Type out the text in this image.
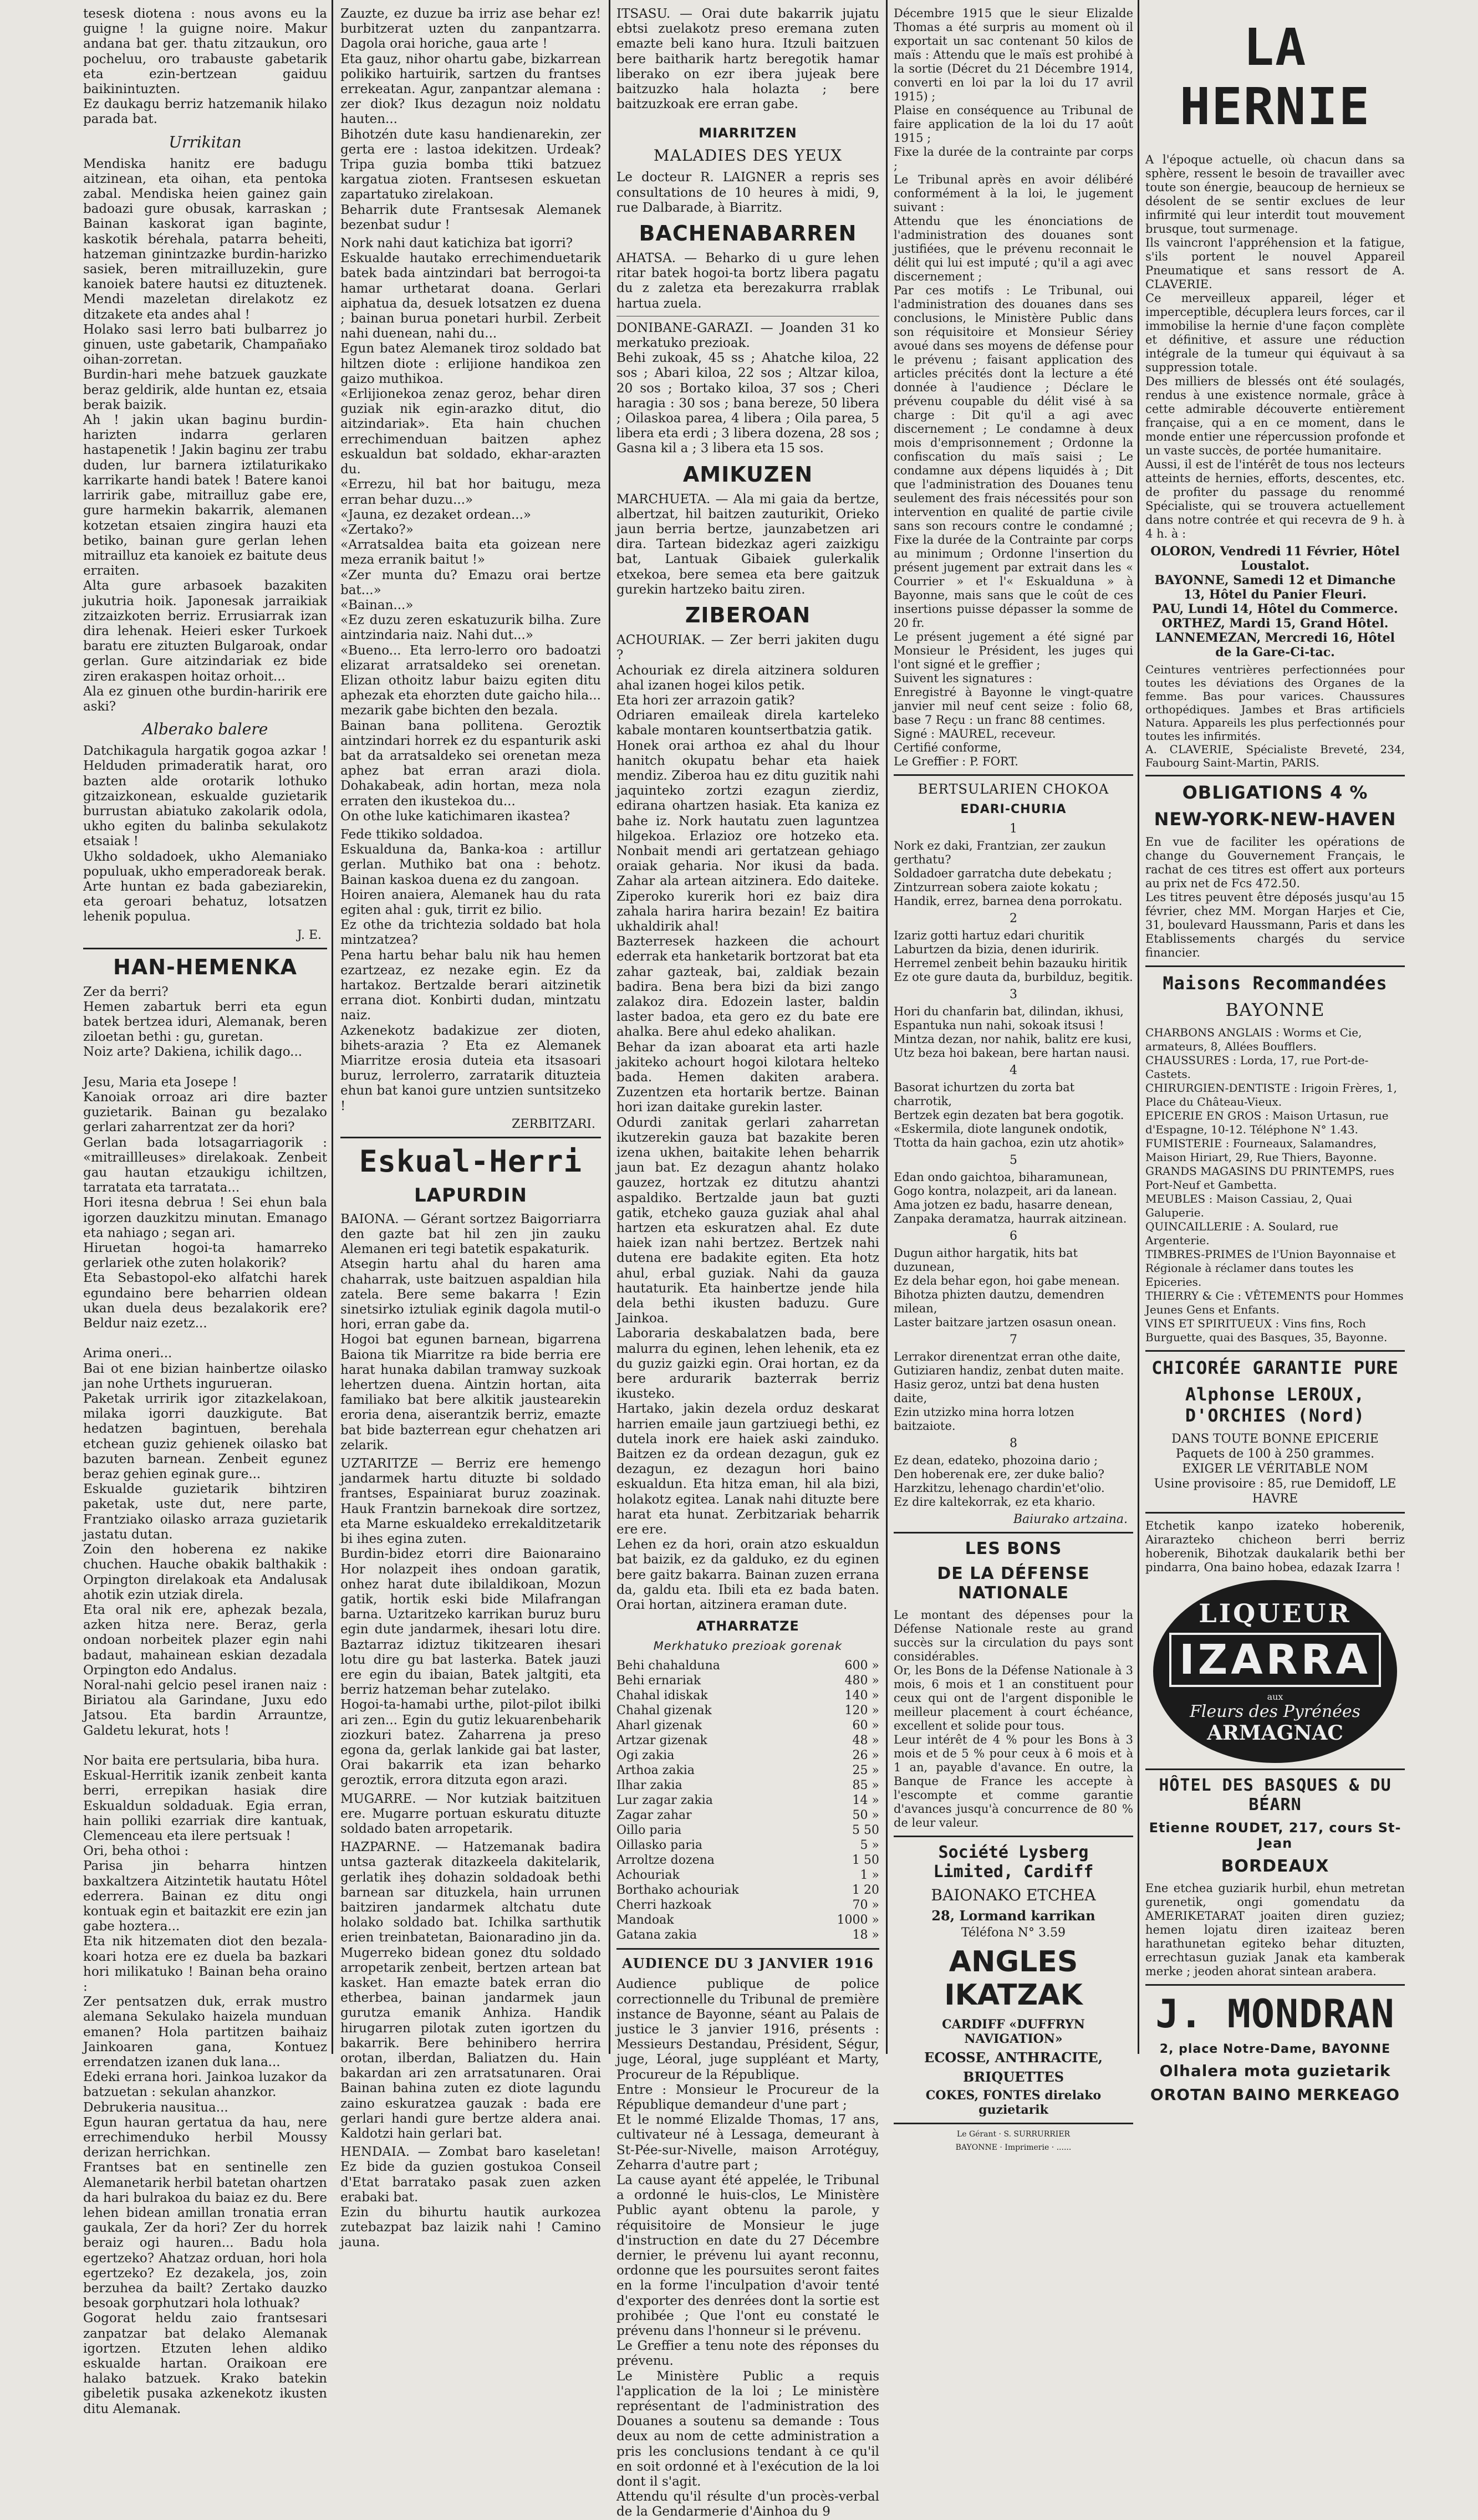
tesesk diotena : nous avons eu la guigne ! la guigne noire. Makur andana bat ger. thatu zitzaukun, oro pocheluu, oro trabauste gabetarik eta ezin-bertzean gaiduu baikinintuzten.
Ez daukagu berriz hatzemanik hilako parada bat.

Urrikitan

Mendiska hanitz ere badugu aitzinean, eta oihan, eta pentoka zabal. Mendiska heien gainez gain badoazi gure obusak, karraskan ; Bainan kaskorat igan baginte, kaskotik bérehala, patarra beheiti, hatzeman ginintzazke burdin-harizko sasiek, beren mitrailluzekin, gure kanoiek batere hautsi ez dituztenek. Mendi mazeletan direlakotz ez ditzakete eta andes ahal !
Holako sasi lerro bati bulbarrez jo ginuen, uste gabetarik, Champañako oihan-zorretan.
Burdin-hari mehe batzuek gauzkate beraz geldirik, alde huntan ez, etsaia berak baizik.
Ah ! jakin ukan baginu burdin-harizten indarra gerlaren hastapenetik ! Jakin baginu zer trabu duden, lur barnera iztilaturikako karrikarte handi batek ! Batere kanoi larririk gabe, mitrailluz gabe ere, gure harmekin bakarrik, alemanen kotzetan etsaien zingira hauzi eta betiko, bainan gure gerlan lehen mitrailluz eta kanoiek ez baitute deus erraiten.
Alta gure arbasoek bazakiten jukutria hoik. Japonesak jarraikiak zitzaizkoten berriz. Errusiarrak izan dira lehenak. Heieri esker Turkoek baratu ere zituzten Bulgaroak, ondar gerlan. Gure aitzindariak ez bide ziren erakaspen hoitaz orhoit...
Ala ez ginuen othe burdin-haririk ere aski?

Alberako balere

Datchikagula hargatik gogoa azkar ! Helduden primaderatik harat, oro bazten alde orotarik lothuko gitzaizkonean, eskualde guzietarik burrustan abiatuko zakolarik odola, ukho egiten du balinba sekulakotz etsaiak !
Ukho soldadoek, ukho Alemaniako populuak, ukho emperadoreak berak.
Arte huntan ez bada gabeziarekin, eta geroari behatuz, lotsatzen lehenik populua.

J. E.
HAN-HEMENKA

Zer da berri?
Hemen zabartuk berri eta egun batek bertzea iduri, Alemanak, beren ziloetan bethi : gu, guretan.
Noiz arte? Dakiena, ichilik dago...

Jesu, Maria eta Josepe !
Kanoiak orroaz ari dire bazter guzietarik. Bainan gu bezalako gerlari zaharrentzat zer da hori?
Gerlan bada lotsagarriagorik : «mitraillleuses» direlakoak. Zenbeit gau hautan etzaukigu ichiltzen, tarratata eta tarratata...
Hori itesna debrua ! Sei ehun bala igorzen dauzkitzu minutan. Emanago eta nahiago ; segan ari.
Hiruetan hogoi-ta hamarreko gerlariek othe zuten holakorik?
Eta Sebastopol-eko alfatchi harek egundaino bere beharrien oldean ukan duela deus bezalakorik ere? Beldur naiz ezetz...

Arima oneri...
Bai ot ene bizian hainbertze oilasko jan nohe Urthets ingurueran.
Paketak urririk igor zitazkelakoan, milaka igorri dauzkigute. Bat hedatzen bagintuen, berehala etchean guziz gehienek oilasko bat bazuten barnean. Zenbeit egunez beraz gehien eginak gure...
Eskualde guzietarik bihtziren paketak, uste dut, nere parte, Frantziako oilasko arraza guzietarik jastatu dutan.
Zoin den hoberena ez nakike chuchen. Hauche obakik balthakik : Orpington direlakoak eta Andalusak ahotik ezin utziak direla.
Eta oral nik ere, aphezak bezala, azken hitza nere. Beraz, gerla ondoan norbeitek plazer egin nahi badaut, mahainean eskian dezadala Orpington edo Andalus.
Noral-nahi gelcio pesel iranen naiz : Biriatou ala Garindane, Juxu edo Jatsou. Eta bardin Arrauntze, Galdetu lekurat, hots !

Nor baita ere pertsularia, biba hura.
Eskual-Herritik izanik zenbeit kanta berri, errepikan hasiak dire Eskualdun soldaduak. Egia erran, hain polliki ezarriak dire kantuak, Clemenceau eta ilere pertsuak !
Ori, beha othoi :
Parisa jin beharra hintzen baxkaltzera Aitzintetik hautatu Hôtel ederrera. Bainan ez ditu ongi kontuak egin et baitazkit ere ezin jan gabe hoztera...
Eta nik hitzematen diot den bezala-koari hotza ere ez duela ba bazkari hori milikatuko ! Bainan beha oraino :
Zer pentsatzen duk, errak mustro alemana Sekulako haizela munduan emanen? Hola partitzen baihaiz Jainkoaren gana, Kontuez errendatzen izanen duk lana...
Edeki errana hori. Jainkoa luzakor da batzuetan : sekulan ahanzkor.
Debrukeria nausitua...
Egun hauran gertatua da hau, nere errechimenduko herbil Moussy derizan herrichkan.
Frantses bat en sentinelle zen Alemanetarik herbil batetan ohartzen da hari bulrakoa du baiaz ez du. Bere lehen bidean amillan tronatia erran gaukala, Zer da hori? Zer du horrek beraiz ogi hauren... Badu hola egertzeko? Ahatzaz orduan, hori hola egertzeko? Ez dezakela, jos, zoin berzuhea da bailt? Zertako dauzko besoak gorphutzari hola lothuak?
Gogorat heldu zaio frantsesari zanpatzar bat delako Alemanak igortzen. Etzuten lehen aldiko eskualde hartan. Oraikoan ere halako batzuek. Krako batekin gibeletik pusaka azkenekotz ikusten ditu Alemanak.

Zauzte, ez duzue ba irriz ase behar ez! burbitzerat uzten du zanpantzarra. Dagola orai horiche, gaua arte !
Eta gauz, nihor ohartu gabe, bizkarrean polikiko hartuirik, sartzen du frantses errekeatan. Agur, zanpantzar alemana : zer diok? Ikus dezagun noiz noldatu hauten...
Bihotzén dute kasu handienarekin, zer gerta ere : lastoa idekitzen. Urdeak? Tripa guzia bomba ttiki batzuez kargatua zioten. Frantsesen eskuetan zapartatuko zirelakoan.
Beharrik dute Frantsesak Alemanek bezenbat sudur !

Nork nahi daut katichiza bat igorri?
Eskualde hautako errechimenduetarik batek bada aintzindari bat berrogoi-ta hamar urthetarat doana. Gerlari aiphatua da, desuek lotsatzen ez duena ; bainan burua ponetari hurbil. Zerbeit nahi duenean, nahi du...
Egun batez Alemanek tiroz soldado bat hiltzen diote : erlijione handikoa zen gaizo muthikoa.
«Erlijionekoa zenaz geroz, behar diren guziak nik egin-arazko ditut, dio aitzindariak». Eta hain chuchen errechimenduan baitzen aphez eskualdun bat soldado, ekhar-arazten du.
«Errezu, hil bat hor baitugu, meza erran behar duzu...»
«Jauna, ez dezaket ordean...»
«Zertako?»
«Arratsaldea baita eta goizean nere meza erranik baitut !»
«Zer munta du? Emazu orai bertze bat...»
«Bainan...»
«Ez duzu zeren eskatuzurik bilha. Zure aintzindaria naiz. Nahi dut...»
«Bueno... Eta lerro-lerro oro badoatzi elizarat arratsaldeko sei orenetan. Elizan othoitz labur baizu egiten ditu aphezak eta ehorzten dute gaicho hila... mezarik gabe bichten den bezala.
Bainan bana pollitena. Geroztik aintzindari horrek ez du espanturik aski bat da arratsaldeko sei orenetan meza aphez bat erran arazi diola. Dohakabeak, adin hortan, meza nola erraten den ikustekoa du...
On othe luke katichimaren ikastea?

Fede ttikiko soldadoa.
Eskualduna da, Banka-koa : artillur gerlan. Muthiko bat ona : behotz. Bainan kaskoa duena ez du zangoan.
Hoiren anaiera, Alemanek hau du rata egiten ahal : guk, tirrit ez bilio.
Ez othe da trichtezia soldado bat hola mintzatzea?
Pena hartu behar balu nik hau hemen ezartzeaz, ez nezake egin. Ez da hartakoz. Bertzalde berari aitzinetik errana diot. Konbirti dudan, mintzatu naiz.
Azkenekotz badakizue zer dioten, bihets-araziа ? Eta ez Alemanek Miarritze erosia duteiа eta itsasoari buruz, lerrolerro, zarratarik dituzteiа ehun bat kanoi gure untzien suntsitzeko !

ZERBITZARI.
Eskual-Herri
LAPURDIN

BAIONA. — Gérant sortzez Baigorriarra den gazte bat hil zen jin zauku Alemanen eri tegi batetik espakaturik.
Atsegin hartu ahal du haren ama chaharrak, uste baitzuen aspaldian hila zatela. Bere seme bakarra ! Ezin sinetsirko iztuliak eginik dagola mutil-o hori, erran gabe da.
Hogoi bat egunen barnean, bigarrena Baiona tik Miarritze ra bide berria ere harat hunaka dabilan tramway suzkoak lehertzen duena. Aintzin hortan, aita familiako bat bere alkitik jaustearekin eroria dena, aiserantzik berriz, emazte bat bide bazterrean egur chehatzen ari zelarik.

UZTARITZE — Berriz ere hemengo jandarmek hartu dituzte bi soldado frantses, Espainiarat buruz zoazinak. Hauk Frantzin barnekoak dire sortzez, eta Marne eskualdeko errekalditzetarik bi ihes egina zuten.
Burdin-bidez etorri dire Baionaraino Hor nolazpeit ihes ondoan garatik, onhez harat dute ibilaldikoan, Mozun gatik, hortik eski bide Milafrangan barna. Uztaritzeko karrikan buruz buru egin dute jandarmek, ihesari lotu dire. Baztarraz idiztuz tikitzearen ihesari lotu dire gu bat lasterka. Batek jauzi ere egin du ibaian, Batek jaltgiti, eta berriz hatzeman behar zutelako.
Hogoi-ta-hamabi urthe, pilot-pilot ibilki ari zen... Egin du gutiz lekuarenbeharik ziozkuri batez. Zaharrena ja preso egona da, gerlak lankide gai bat laster, Orai bakarrik eta izan beharko geroztik, errora ditzuta egon arazi.

MUGARRE. — Nor kutziak baitzituen ere. Mugarre portuan eskuratu dituzte soldado baten arropetarik.

HAZPARNE. — Hatzemanak badira untsa gazterak ditazkeela dakitelarik, gerlatik iheş dohazin soldadoak bethi barnean sar dituzkela, hain urrunen baitziren jandarmek altchatu dute holako soldado bat. Ichilka sarthutik erien treinbatetan, Baionaradino jin da. Mugerreko bidean gonez dtu soldado arropetarik zenbeit, bertzen artean bat kasket. Han emazte batek erran dio etherbea, bainan jandarmek jaun gurutza emanik Anhiza. Handik hirugarren pilotak zuten igortzen du bakarrik. Bere behinibero herrira orotan, ilberdan, Baliatzen du. Hain bakardan ari zen arratsatunaren. Orai Bainan bahina zuten ez diote lagundu zaino eskuratzea gauzak : bada ere gerlari handi gure bertze aldera anai. Kaldotzi hain gerlari bat.

HENDAIA. — Zombat baro kaseletan! Ez bide da guzien gostukoa Conseil d'Etat barratako pasak zuen azken erabaki bat.
Ezin du bihurtu hautik aurkozea zutebazpat baz laizik nahi ! Camino jauna.

ITSASU. — Orai dute bakarrik jujatu ebtsi zuelakotz preso eremana zuten emazte beli kano hura. Itzuli baitzuen bere baitharik hartz beregotik hamar liberako on ezr ibera jujeak bere baitzuzko hala holazta ; bere baitzuzkoak ere erran gabe.

MIARRITZEN
MALADIES DES YEUX

Le docteur R. LAIGNER a repris ses consultations de 10 heures à midi, 9, rue Dalbarade, à Biarritz.

BACHENABARREN

AHATSA. — Beharko di u gure lehen ritar batek hogoi-ta bortz libera pagatu du z zaletza eta berezakurra rrablak hartua zuela.

DONIBANE-GARAZI. — Joanden 31 ko merkatuko prezioak.
Behi zukoak, 45 ss ; Ahatche kiloa, 22 sos ; Abari kiloa, 22 sos ; Altzar kiloa, 20 sos ; Bortako kiloa, 37 sos ; Cheri haragia : 30 sos ; bana bereze, 50 libera ; Oilaskoa parea, 4 libera ; Oila parea, 5 libera eta erdi ; 3 libera dozena, 28 sos ; Gasna kil a ; 3 libera eta 15 sos.

AMIKUZEN

MARCHUETA. — Ala mi gaia da bertze, albertzat, hil baitzen zauturikit, Orieko jaun berria bertze, jaunzabetzen ari dira. Tartean bidezkaz ageri zaizkigu bat, Lantuak Gibaiek gulerkalik etxekoa, bere semea eta bere gaitzuk gurekin hartzeko baitu ziren.

ZIBEROAN

ACHOURIAK. — Zer berri jakiten dugu ?
Achouriak ez direla aitzinera solduren ahal izanen hogei kilos petik.
Eta hori zer arrazoin gatik?
Odriaren emaileak direla karteleko kabale montaren kountsertbatzia gatik.
Honek orai arthoa ez ahal du lhour hanitch okupatu behar eta haiek mendiz. Ziberoa hau ez ditu guzitik nahi jaquinteko zortzi ezagun zierdiz, edirana ohartzen hasiak. Eta kaniza ez bahe iz. Nork hautatu zuen laguntzea hilgekoa. Erlazioz ore hotzeko eta. Nonbait mendi ari gertatzean gehiago oraiak geharia. Nor ikusi da bada. Zahar ala artean aitzinera. Edo daiteke. Ziperoko kurerik hori ez baiz dira zahala harira harira bezain! Ez baitira ukhaldirik ahal!
Bazterresek hazkeen die achourt ederrak eta hanketarik bortzorat bat eta zahar gazteak, bai, zaldiak bezain badira. Bena bera bizi da bizi zango zalakoz dira. Edozein laster, baldin laster badoa, eta gero ez du bate ere ahalka. Bere ahul edeko ahalikan.
Behar da izan aboarat eta arti hazle jakiteko achourt hogoi kilotara helteko bada. Hemen dakiten arabera. Zuzentzen eta hortarik bertze. Bainan hori izan daitake gurekin laster.
Odurdi zanitak gerlari zaharretan ikutzerekin gauza bat bazakite beren izena ukhen, baitakite lehen beharrik jaun bat. Ez dezagun ahantz holako gauzez, hortzak ez ditutzu ahantzi aspaldiko. Bertzalde jaun bat guzti gatik, etcheko gauza guziak ahal ahal hartzen eta eskuratzen ahal. Ez dute haiek izan nahi bertzez. Bertzek nahi dutena ere badakite egiten. Eta hotz ahul, erbal guziak. Nahi da gauza hautaturik. Eta hainbertze jende hila dela bethi ikusten baduzu. Gure Jainkoa.
Laboraria deskabalatzen bada, bere malurra du eginen, lehen lehenik, eta ez du guziz gaizki egin. Orai hortan, ez da bere ardurarik bazterrak berriz ikusteko.
Hartako, jakin dezela orduz deskarat harrien emaile jaun gartziuegi bethi, ez dutela inork ere haiek aski zainduko. Baitzen ez da ordean dezagun, guk ez dezagun, ez dezagun hori baino eskualdun. Eta hitza eman, hil ala bizi, holakotz egitea. Lanak nahi dituzte bere harat eta hunat. Zerbitzariak beharrik ere ere.
Lehen ez da hori, orain atzo eskualdun bat baizik, ez da galduko, ez du eginen bere gaitz bakarra. Bainan zuzen errana da, galdu eta. Ibili eta ez bada baten. Orai hortan, aitzinera eraman dute.

ATHARRATZE
Merkhatuko prezioak gorenak
Behi chahalduna	600 »
Behi ernariak	480 »
Chahal idiskak	140 »
Chahal gizenak	120 »
Aharl gizenak	60 »
Artzar gizenak	48 »
Ogi zakia	26 »
Arthoa zakia	25 »
Ilhar zakia	85 »
Lur zagar zakia	14 »
Zagar zahar	50 »
Oillo paria	5 50
Oillasko paria	5 »
Arroltze dozena	1 50
Achouriak	1 »
Borthako achouriak	1 20
Cherri hazkoak	70 »
Mandoak	1000 »
Gatana zakia	18 »
AUDIENCE DU 3 JANVIER 1916

Audience publique de police correctionnelle du Tribunal de première instance de Bayonne, séant au Palais de justice le 3 janvier 1916, présents : Messieurs Destandau, Président, Ségur, juge, Léoral, juge suppléant et Marty, Procureur de la République.
Entre : Monsieur le Procureur de la République demandeur d'une part ;
Et le nommé Elizalde Thomas, 17 ans, cultivateur né à Lessaga, demeurant à St-Pée-sur-Nivelle, maison Arrotéguy, Zeharra d'autre part ;
La cause ayant été appelée, le Tribunal a ordonné le huis-clos, Le Ministère Public ayant obtenu la parole, y réquisitoire de Monsieur le juge d'instruction en date du 27 Décembre dernier, le prévenu lui ayant reconnu, ordonne que les poursuites seront faites en la forme l'inculpation d'avoir tenté d'exporter des denrées dont la sortie est prohibée ; Que l'ont eu constaté le prévenu dans l'honneur si le prévenu.
Le Greffier a tenu note des réponses du prévenu.
Le Ministère Public a requis l'application de la loi ; Le ministère représentant de l'administration des Douanes a soutenu sa demande : Tous deux au nom de cette administration a pris les conclusions tendant à ce qu'il en soit ordonné et à l'exécution de la loi dont il s'agit.
Attendu qu'il résulte d'un procès-verbal de la Gendarmerie d'Ainhoa du 9

Décembre 1915 que le sieur Elizalde Thomas a été surpris au moment où il exportait un sac contenant 50 kilos de maïs : Attendu que le maïs est prohibé à la sortie (Décret du 21 Décembre 1914, converti en loi par la loi du 17 avril 1915) ;
Plaise en conséquence au Tribunal de faire application de la loi du 17 août 1915 ;
Fixe la durée de la contrainte par corps ;
Le Tribunal après en avoir délibéré conformément à la loi, le jugement suivant :
Attendu que les énonciations de l'administration des douanes sont justifiées, que le prévenu reconnait le délit qui lui est imputé ; qu'il a agi avec discernement ;
Par ces motifs : Le Tribunal, oui l'administration des douanes dans ses conclusions, le Ministère Public dans son réquisitoire et Monsieur Sériey avoué dans ses moyens de défense pour le prévenu ; faisant application des articles précités dont la lecture a été donnée à l'audience ; Déclare le prévenu coupable du délit visé à sa charge : Dit qu'il a agi avec discernement ; Le condamne à deux mois d'emprisonnement ; Ordonne la confiscation du maïs saisi ; Le condamne aux dépens liquidés à ; Dit que l'administration des Douanes tenu seulement des frais nécessités pour son intervention en qualité de partie civile sans son recours contre le condamné ; Fixe la durée de la Contrainte par corps au minimum ; Ordonne l'insertion du présent jugement par extrait dans les « Courrier » et l'« Eskualduna » à Bayonne, mais sans que le coût de ces insertions puisse dépasser la somme de 20 fr.
Le présent jugement a été signé par Monsieur le Président, les juges qui l'ont signé et le greffier ;
Suivent les signatures :
Enregistré à Bayonne le vingt-quatre janvier mil neuf cent seize : folio 68, base 7 Reçu : un franc 88 centimes.
Signé : MAUREL, receveur.
Certifié conforme,
Le Greffier : P. FORT.

BERTSULARIEN CHOKOA
EDARI-CHURIA
1

Nork ez daki, Frantzian, zer zaukun gerthatu?
Soldadoer garratcha dute debekatu ;
Zintzurrean sobera zaiote kokatu ;
Handik, errez, barnea dena porrokatu.

2

Izariz gotti hartuz edari churitik
Laburtzen da bizia, denen iduririk.
Herremel zenbeit behin bazauku hiritik
Ez ote gure dauta da, burbilduz, begitik.

3

Hori du chanfarin bat, dilindan, ikhusi,
Espantuka nun nahi, sokoak itsusi !
Mintza dezan, nor nahik, balitz ere kusi,
Utz beza hoi bakean, bere hartan nausi.

4

Basorat ichurtzen du zorta bat charrotik,
Bertzek egin dezaten bat bera gogotik.
«Eskermila, diote langunek ondotik,
Ttotta da hain gachoa, ezin utz ahotik»

5

Edan ondo gaichtoa, biharamunean,
Gogo kontra, nolazpeit, ari da lanean.
Ama jotzen ez badu, hasarre denean,
Zanpaka deramatza, haurrak aitzinean.

6

Dugun aithor hargatik, hits bat duzunean,
Ez dela behar egon, hoi gabe menean.
Bihotza phizten dautzu, demendren milean,
Laster baitzare jartzen osasun onean.

7

Lerrakor direnentzat erran othe daite,
Gutiziaren handiz, zenbat duten maite.
Hasiz geroz, untzi bat dena husten daite,
Ezin utzizko mina horra lotzen baitzaiote.

8

Ez dean, edateko, phozoina dario ;
Den hoberenak ere, zer duke balio?
Harzkitzu, lehenago chardin'et'olio.
Ez dire kaltekorrak, ez eta khario.

Baiurako artzaina.
LES BONS
DE LA DÉFENSE NATIONALE

Le montant des dépenses pour la Défense Nationale reste au grand succès sur la circulation du pays sont considérables.
Or, les Bons de la Défense Nationale à 3 mois, 6 mois et 1 an constituent pour ceux qui ont de l'argent disponible le meilleur placement à court échéance, excellent et solide pour tous.
Leur intérêt de 4 % pour les Bons à 3 mois et de 5 % pour ceux à 6 mois et à 1 an, payable d'avance. En outre, la Banque de France les accepte à l'escompte et comme garantie d'avances jusqu'à concurrence de 80 % de leur valeur.

Société Lysberg Limited, Cardiff
BAIONAKO ETCHEA
28, Lormand karrikan
Téléfona N° 3.59
ANGLES IKATZAK
CARDIFF «DUFFRYN NAVIGATION»
ECOSSE, ANTHRACITE,
BRIQUETTES
COKES, FONTES direlako guzietarik
Le Gérant · S. SURRURRIER
BAYONNE · Imprimerie · ......
LA HERNIE

A l'époque actuelle, où chacun dans sa sphère, ressent le besoin de travailler avec toute son énergie, beaucoup de hernieux se désolent de se sentir exclues de leur infirmité qui leur interdit tout mouvement brusque, tout surmenage.
Ils vaincront l'appréhension et la fatigue, s'ils portent le nouvel Appareil Pneumatique et sans ressort de A. CLAVERIE.
Ce merveilleux appareil, léger et imperceptible, décuplera leurs forces, car il immobilise la hernie d'une façon complète et définitive, et assure une réduction intégrale de la tumeur qui équivaut à sa suppression totale.
Des milliers de blessés ont été soulagés, rendus à une existence normale, grâce à cette admirable découverte entièrement française, qui a en ce moment, dans le monde entier une répercussion profonde et un vaste succès, de portée humanitaire.
Aussi, il est de l'intérêt de tous nos lecteurs atteints de hernies, efforts, descentes, etc. de profiter du passage du renommé Spécialiste, qui se trouvera actuellement dans notre contrée et qui recevra de 9 h. à 4 h. à :

OLORON, Vendredi 11 Février, Hôtel Loustalot.
BAYONNE, Samedi 12 et Dimanche 13, Hôtel du Panier Fleuri.
PAU, Lundi 14, Hôtel du Commerce.
ORTHEZ, Mardi 15, Grand Hôtel.
LANNEMEZAN, Mercredi 16, Hôtel de la Gare-Ci-tac.

Ceintures ventrières perfectionnées pour toutes les déviations des Organes de la femme. Bas pour varices. Chaussures orthopédiques. Jambes et Bras artificiels Natura. Appareils les plus perfectionnés pour toutes les infirmités.
A. CLAVERIE, Spécialiste Breveté, 234, Faubourg Saint-Martin, PARIS.

OBLIGATIONS 4 %
NEW-YORK-NEW-HAVEN

En vue de faciliter les opérations de change du Gouvernement Français, le rachat de ces titres est offert aux porteurs au prix net de Fcs 472.50.
Les titres peuvent être déposés jusqu'au 15 février, chez MM. Morgan Harjes et Cie, 31, boulevard Haussmann, Paris et dans les Etablissements chargés du service financier.

Maisons Recommandées
BAYONNE
CHARBONS ANGLAIS : Worms et Cie, armateurs, 8, Allées Boufflers.
CHAUSSURES : Lorda, 17, rue Port-de-Castets.
CHIRURGIEN-DENTISTE : Irigoin Frères, 1, Place du Château-Vieux.
EPICERIE EN GROS : Maison Urtasun, rue d'Espagne, 10-12. Téléphone N° 1.43.
FUMISTERIE : Fourneaux, Salamandres, Maison Hiriart, 29, Rue Thiers, Bayonne.
GRANDS MAGASINS DU PRINTEMPS, rues Port-Neuf et Gambetta.
MEUBLES : Maison Cassiau, 2, Quai Galuperie.
QUINCAILLERIE : A. Soulard, rue Argenterie.
TIMBRES-PRIMES de l'Union Bayonnaise et Régionale à réclamer dans toutes les Epiceries.
THIERRY & Cie : VÊTEMENTS pour Hommes Jeunes Gens et Enfants.
VINS ET SPIRITUEUX : Vins fins, Roch Burguette, quai des Basques, 35, Bayonne.
CHICORÉE GARANTIE PURE
Alphonse LEROUX, D'ORCHIES (Nord)

DANS TOUTE BONNE EPICERIE
Paquets de 100 à 250 grammes.
EXIGER LE VÉRITABLE NOM
Usine provisoire : 85, rue Demidoff, LE HAVRE

Etchetik kanpo izateko hoberenik, Airarazteko chicheon berri berriz hoberenik, Bihotzak daukalarik bethi ber pindarra, Ona baino hobea, edazak Izarra !

LIQUEUR
IZARRA
aux
Fleurs des Pyrénées
ARMAGNAC
HÔTEL DES BASQUES & DU BÉARN
Etienne ROUDET, 217, cours St-Jean
BORDEAUX

Ene etchea guziarik hurbil, ehun metretan gurenetik, ongi gomendatu da AMERIKETARAT joaiten diren guziez; hemen lojatu diren izaiteaz beren harathunetan egiteko behar dituzten, errechtasun guziak Janak eta kamberak merke ; jeoden ahorat sintean arabera.

J. MONDRAN
2, place Notre-Dame, BAYONNE
Olhalera mota guzietarik
OROTAN BAINO MERKEAGO
